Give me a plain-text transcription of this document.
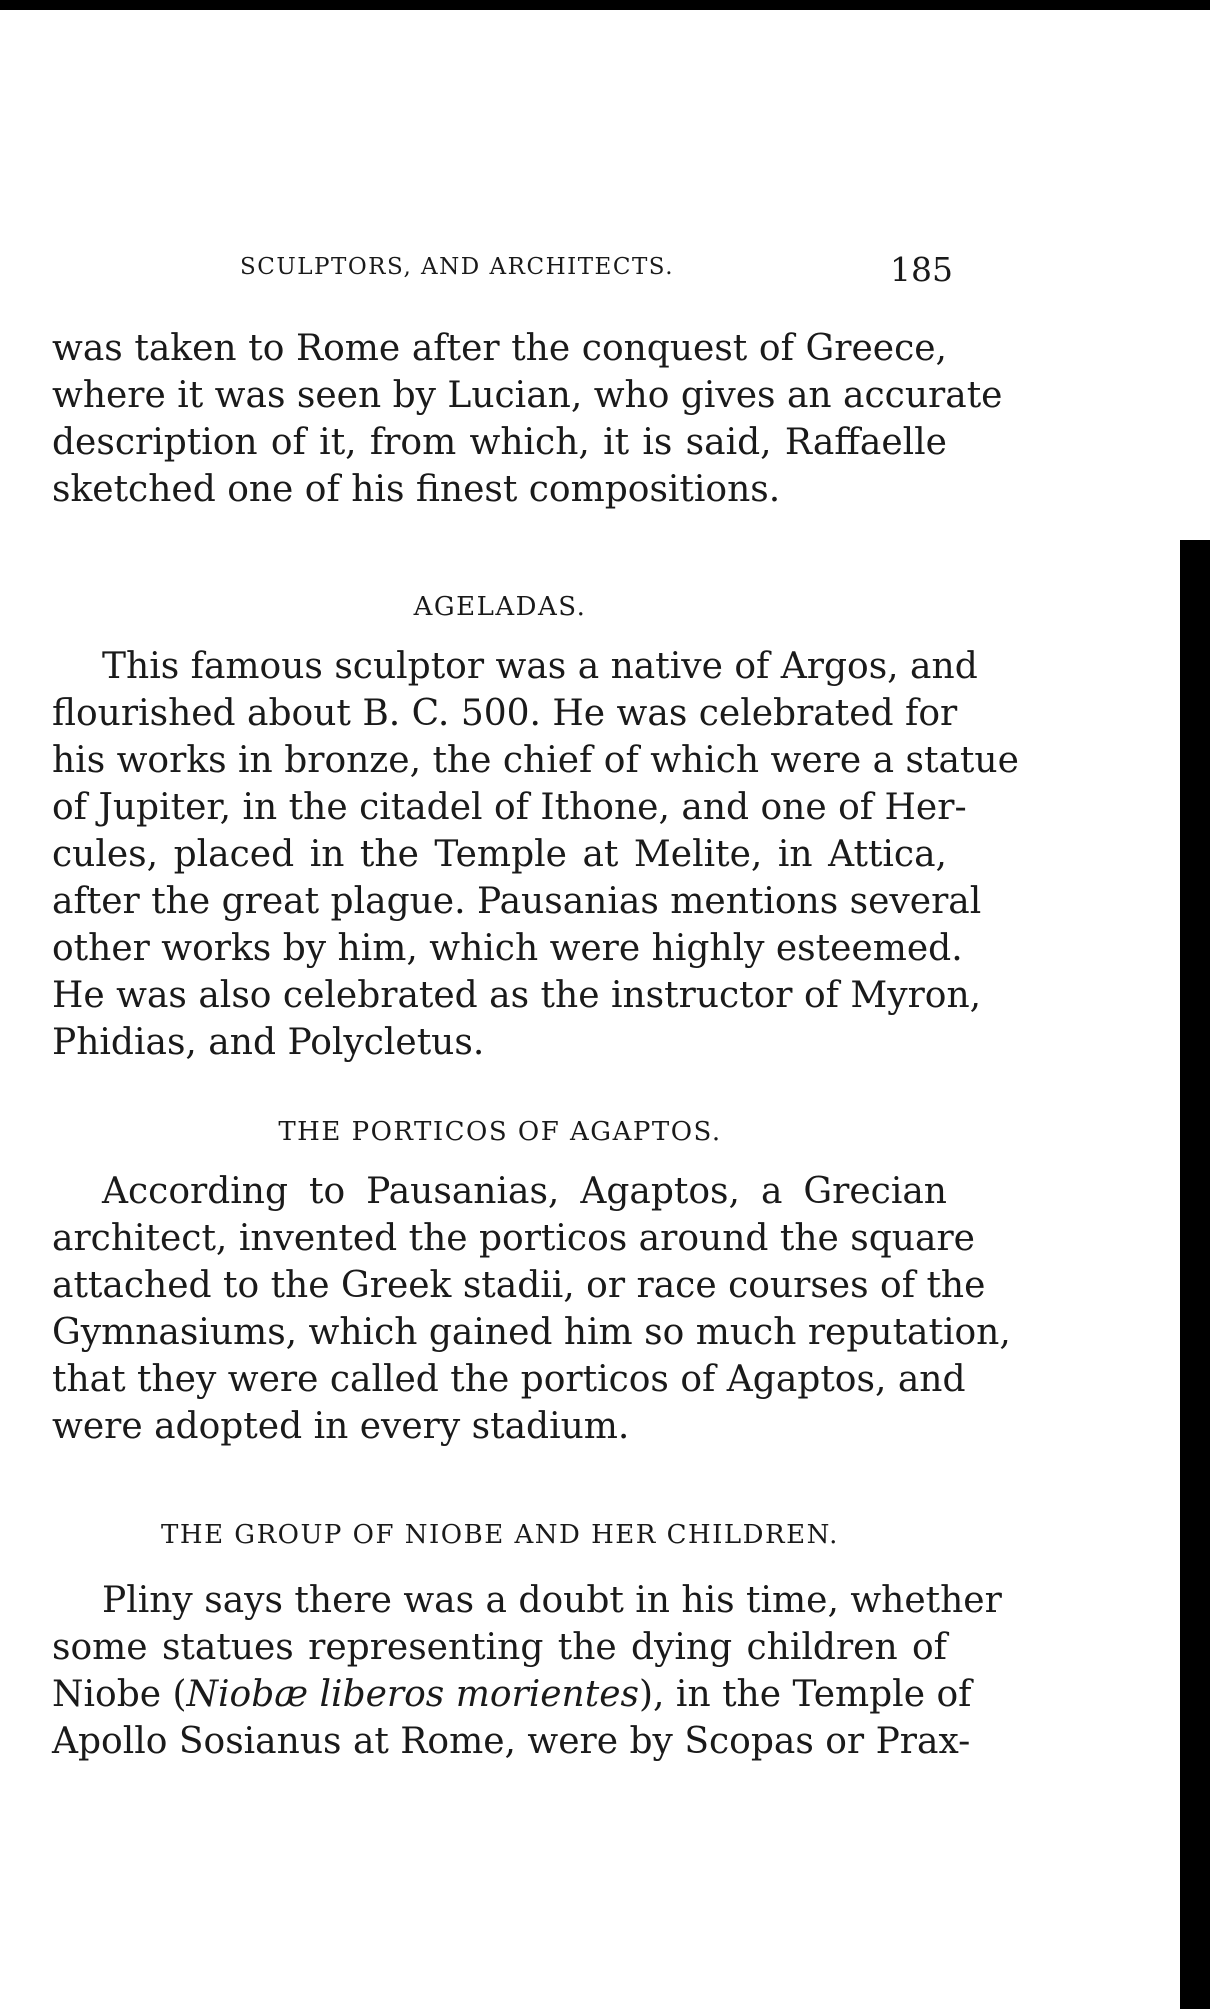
SCULPTORS, AND ARCHITECTS.	185
was taken to Rome after the conquest of Greece,
where it was seen by Lucian, who gives an accurate
description of it, from which, it is said, Raffaelle
sketched one of his finest compositions.
AGELADAS.
This famous sculptor was a native of Argos, and
flourished about B. C. 500. He was celebrated for
his works in bronze, the chief of which were a statue
of Jupiter, in the citadel of Ithone, and one of Her-
cules, placed in the Temple at Melite, in Attica,
after the great plague. Pausanias mentions several
other works by him, which were highly esteemed.
He was also celebrated as the instructor of Myron,
Phidias, and Polycletus.
THE PORTICOS OF AGAPTOS.
According to Pausanias, Agaptos, a Grecian
architect, invented the porticos around the square
attached to the Greek stadii, or race courses of the
Gymnasiums, which gained him so much reputation,
that they were called the porticos of Agaptos, and
were adopted in every stadium.
THE GROUP OF NIOBE AND HER CHILDREN.
Pliny says there was a doubt in his time, whether
some statues representing the dying children of
Niobe (Niobæ liberos morientes), in the Temple of
Apollo Sosianus at Rome, were by Scopas or Prax-
